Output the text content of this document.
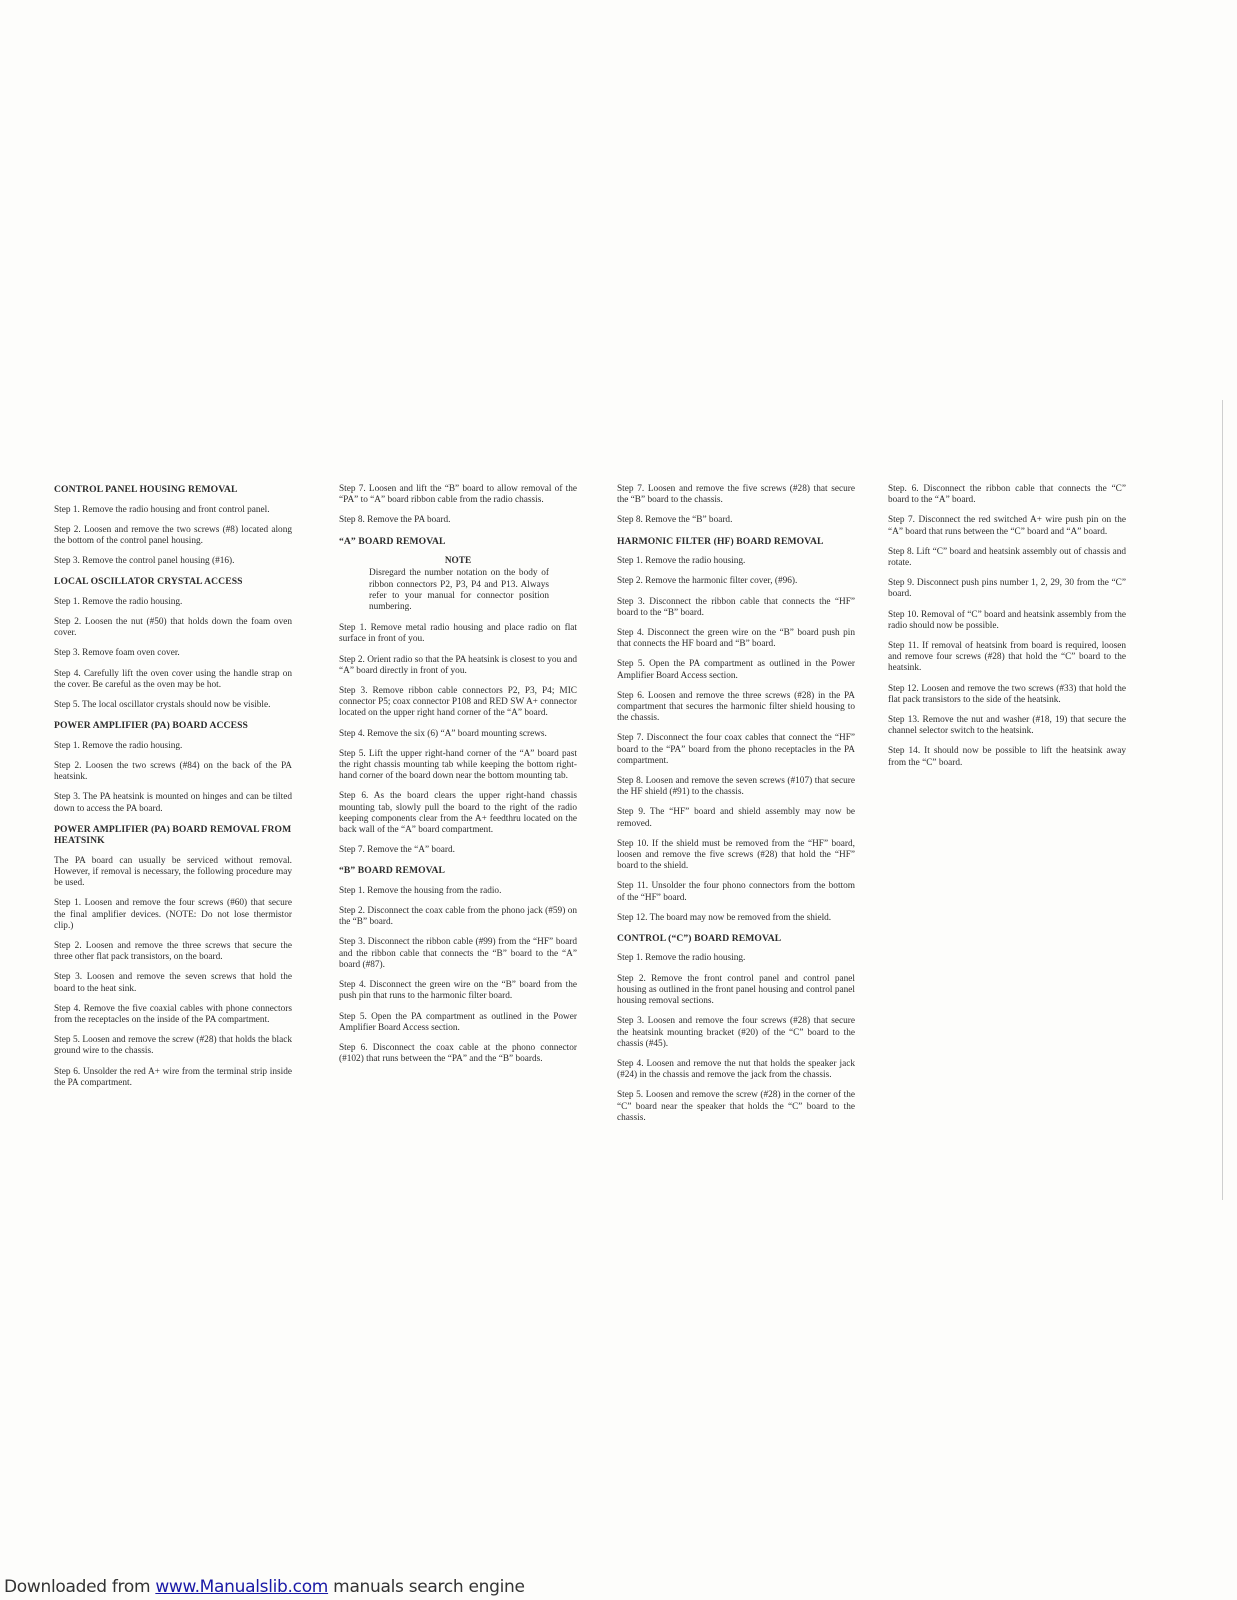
CONTROL PANEL HOUSING REMOVAL

Step 1. Remove the radio housing and front control panel.

Step 2. Loosen and remove the two screws (#8) located along the bottom of the control panel housing.

Step 3. Remove the control panel housing (#16).

LOCAL OSCILLATOR CRYSTAL ACCESS

Step 1. Remove the radio housing.

Step 2. Loosen the nut (#50) that holds down the foam oven cover.

Step 3. Remove foam oven cover.

Step 4. Carefully lift the oven cover using the handle strap on the cover. Be careful as the oven may be hot.

Step 5. The local oscillator crystals should now be visible.

POWER AMPLIFIER (PA) BOARD ACCESS

Step 1. Remove the radio housing.

Step 2. Loosen the two screws (#84) on the back of the PA heatsink.

Step 3. The PA heatsink is mounted on hinges and can be tilted down to access the PA board.

POWER AMPLIFIER (PA) BOARD REMOVAL FROM HEATSINK

The PA board can usually be serviced without removal. However, if removal is necessary, the following procedure may be used.

Step 1. Loosen and remove the four screws (#60) that secure the final amplifier devices. (NOTE: Do not lose thermistor clip.)

Step 2. Loosen and remove the three screws that secure the three other flat pack transistors, on the board.

Step 3. Loosen and remove the seven screws that hold the board to the heat sink.

Step 4. Remove the five coaxial cables with phone connectors from the receptacles on the inside of the PA compartment.

Step 5. Loosen and remove the screw (#28) that holds the black ground wire to the chassis.

Step 6. Unsolder the red A+ wire from the terminal strip inside the PA compartment.

Step 7. Loosen and lift the “B” board to allow removal of the “PA” to “A” board ribbon cable from the radio chassis.

Step 8. Remove the PA board.

“A” BOARD REMOVAL
NOTE
Disregard the number notation on the body of ribbon connectors P2, P3, P4 and P13. Always refer to your manual for connector position numbering.

Step 1. Remove metal radio housing and place radio on flat surface in front of you.

Step 2. Orient radio so that the PA heatsink is closest to you and “A” board directly in front of you.

Step 3. Remove ribbon cable connectors P2, P3, P4; MIC connector P5; coax connector P108 and RED SW A+ connector located on the upper right hand corner of the “A” board.

Step 4. Remove the six (6) “A” board mounting screws.

Step 5. Lift the upper right-hand corner of the “A” board past the right chassis mounting tab while keeping the bottom right-hand corner of the board down near the bottom mounting tab.

Step 6. As the board clears the upper right-hand chassis mounting tab, slowly pull the board to the right of the radio keeping components clear from the A+ feedthru located on the back wall of the “A” board compartment.

Step 7. Remove the “A” board.

“B” BOARD REMOVAL

Step 1. Remove the housing from the radio.

Step 2. Disconnect the coax cable from the phono jack (#59) on the “B” board.

Step 3. Disconnect the ribbon cable (#99) from the “HF” board and the ribbon cable that connects the “B” board to the “A” board (#87).

Step 4. Disconnect the green wire on the “B” board from the push pin that runs to the harmonic filter board.

Step 5. Open the PA compartment as outlined in the Power Amplifier Board Access section.

Step 6. Disconnect the coax cable at the phono connector (#102) that runs between the “PA” and the “B” boards.

Step 7. Loosen and remove the five screws (#28) that secure the “B” board to the chassis.

Step 8. Remove the “B” board.

HARMONIC FILTER (HF) BOARD REMOVAL

Step 1. Remove the radio housing.

Step 2. Remove the harmonic filter cover, (#96).

Step 3. Disconnect the ribbon cable that connects the “HF” board to the “B” board.

Step 4. Disconnect the green wire on the “B” board push pin that connects the HF board and “B” board.

Step 5. Open the PA compartment as outlined in the Power Amplifier Board Access section.

Step 6. Loosen and remove the three screws (#28) in the PA compartment that secures the harmonic filter shield housing to the chassis.

Step 7. Disconnect the four coax cables that connect the “HF” board to the “PA” board from the phono receptacles in the PA compartment.

Step 8. Loosen and remove the seven screws (#107) that secure the HF shield (#91) to the chassis.

Step 9. The “HF” board and shield assembly may now be removed.

Step 10. If the shield must be removed from the “HF” board, loosen and remove the five screws (#28) that hold the “HF” board to the shield.

Step 11. Unsolder the four phono connectors from the bottom of the “HF” board.

Step 12. The board may now be removed from the shield.

CONTROL (“C”) BOARD REMOVAL

Step 1. Remove the radio housing.

Step 2. Remove the front control panel and control panel housing as outlined in the front panel housing and control panel housing removal sections.

Step 3. Loosen and remove the four screws (#28) that secure the heatsink mounting bracket (#20) of the “C” board to the chassis (#45).

Step 4. Loosen and remove the nut that holds the speaker jack (#24) in the chassis and remove the jack from the chassis.

Step 5. Loosen and remove the screw (#28) in the corner of the “C” board near the speaker that holds the “C” board to the chassis.

Step. 6. Disconnect the ribbon cable that connects the “C” board to the “A” board.

Step 7. Disconnect the red switched A+ wire push pin on the “A” board that runs between the “C” board and “A” board.

Step 8. Lift “C” board and heatsink assembly out of chassis and rotate.

Step 9. Disconnect push pins number 1, 2, 29, 30 from the “C” board.

Step 10. Removal of “C” board and heatsink assembly from the radio should now be possible.

Step 11. If removal of heatsink from board is required, loosen and remove four screws (#28) that hold the “C” board to the heatsink.

Step 12. Loosen and remove the two screws (#33) that hold the flat pack transistors to the side of the heatsink.

Step 13. Remove the nut and washer (#18, 19) that secure the channel selector switch to the heatsink.

Step 14. It should now be possible to lift the heatsink away from the “C” board.

Downloaded from www.Manualslib.com manuals search engine
